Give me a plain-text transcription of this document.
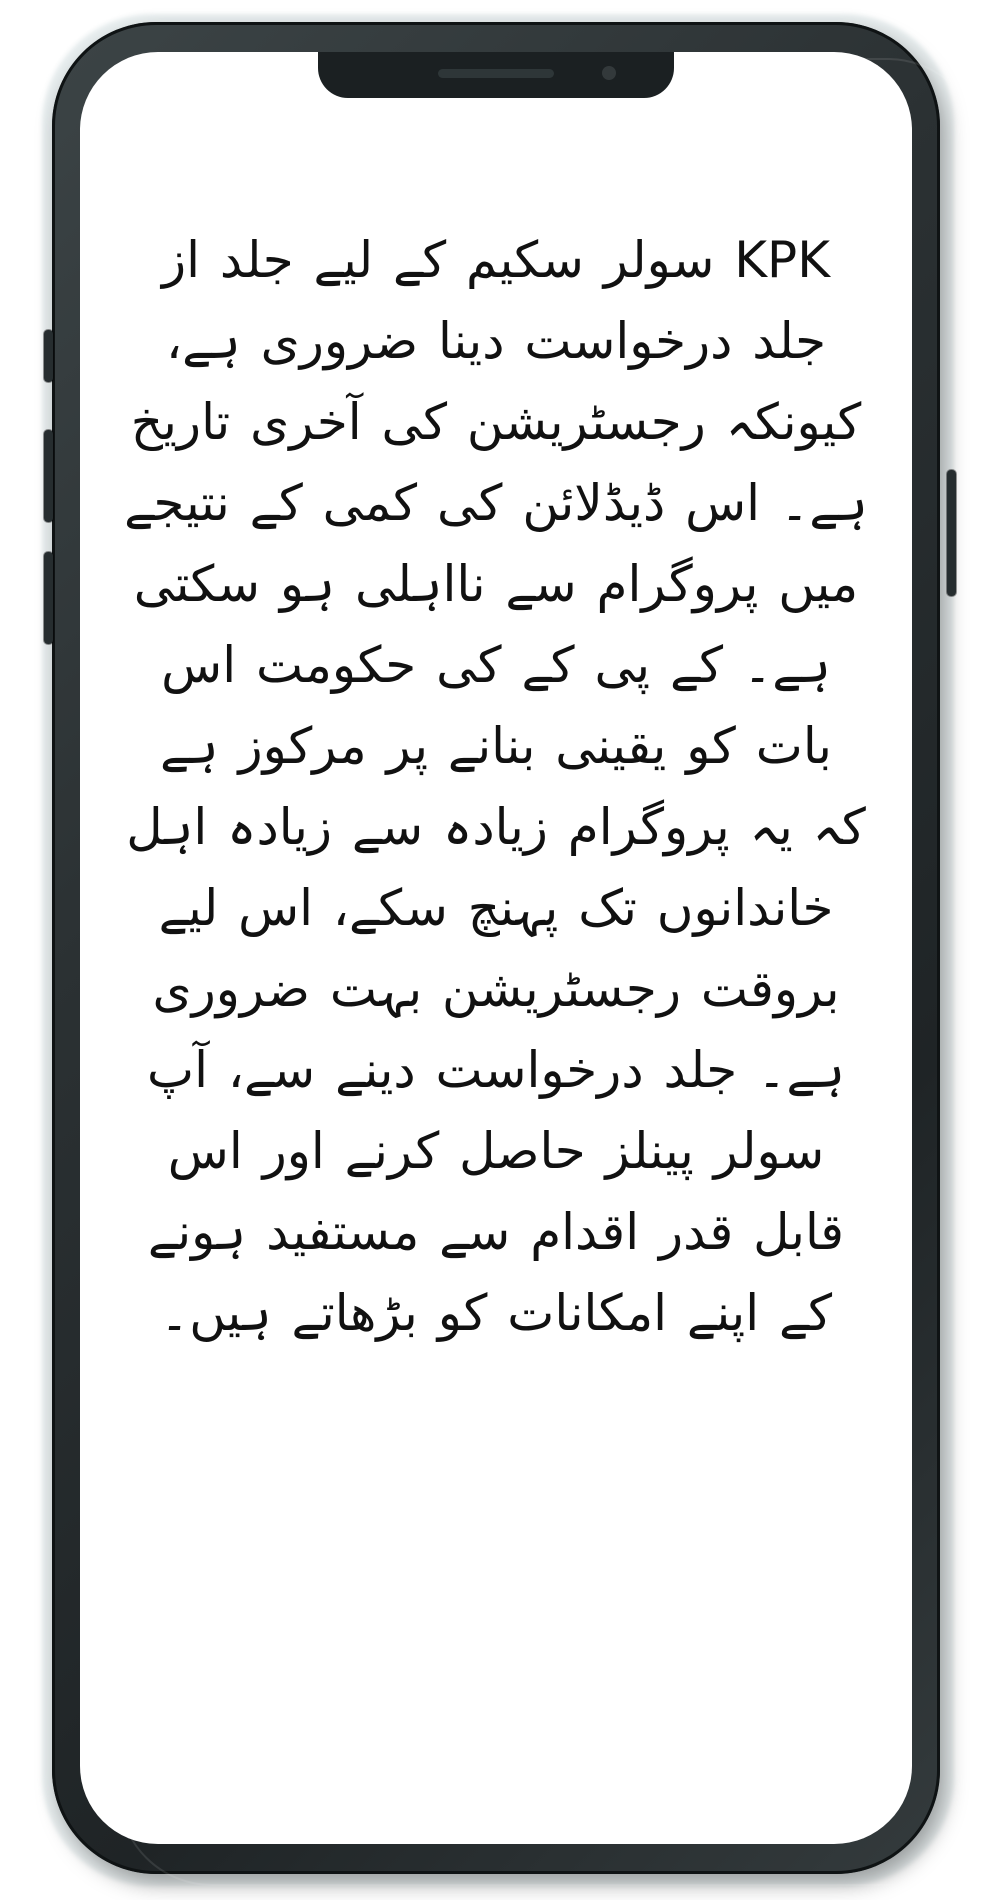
KPK سولر سکیم کے لیے جلد از جلد درخواست دینا ضروری ہے، کیونکہ رجسٹریشن کی آخری تاریخ ہے۔ اس ڈیڈلائن کی کمی کے نتیجے میں پروگرام سے نااہلی ہو سکتی ہے۔ کے پی کے کی حکومت اس بات کو یقینی بنانے پر مرکوز ہے کہ یہ پروگرام زیادہ سے زیادہ اہل خاندانوں تک پہنچ سکے، اس لیے بروقت رجسٹریشن بہت ضروری ہے۔ جلد درخواست دینے سے، آپ سولر پینلز حاصل کرنے اور اس قابل قدر اقدام سے مستفید ہونے کے اپنے امکانات کو بڑھاتے ہیں۔
